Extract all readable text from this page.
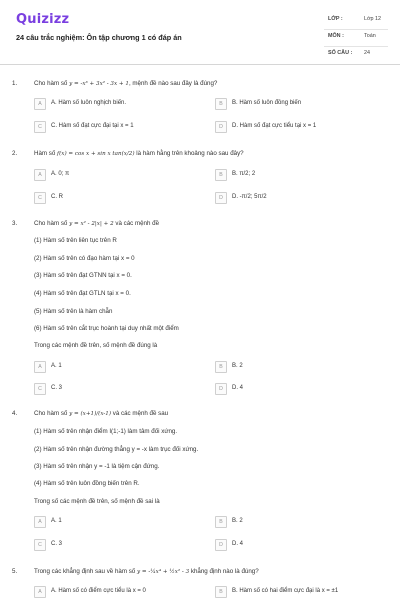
Quizizz
24 câu trắc nghiệm: Ôn tập chương 1 có đáp án
LỚP :	Lớp 12
MÔN :	Toán
SỐ CÂU : 24
1.	Cho hàm số y = -x³ + 3x² - 3x + 1, mệnh đề nào sau đây là đúng?
A	A. Hàm số luôn nghịch biến.	B	B. Hàm số luôn đồng biến
C	C. Hàm số đạt cực đại tại x = 1	D	D. Hàm số đạt cực tiểu tại x = 1
2.	Hàm số f(x) = cos x + sin x tan(x/2) là hàm hằng trên khoảng nào sau đây?
A	A. 0; π	B	B. π/2; 2
C	C. R	D	D. -π/2; 5π/2
3.	Cho hàm số y = x² - 2|x| + 2 và các mệnh đề
(1) Hàm số trên liên tục trên R
(2) Hàm số trên có đạo hàm tại x = 0
(3) Hàm số trên đạt GTNN tại x = 0.
(4) Hàm số trên đạt GTLN tại x = 0.
(5) Hàm số trên là hàm chẵn
(6) Hàm số trên cắt trục hoành tại duy nhất một điểm
Trong các mệnh đề trên, số mệnh đề đúng là
A	A. 1	B	B. 2
C	C. 3	D	D. 4
4.	Cho hàm số y = (x+1)/(x-1) và các mệnh đề sau
(1) Hàm số trên nhận điểm I(1;-1) làm tâm đối xứng.
(2) Hàm số trên nhận đường thẳng y = -x làm trục đối xứng.
(3) Hàm số trên nhận y = -1 là tiệm cận đứng.
(4) Hàm số trên luôn đồng biến trên R.
Trong số các mệnh đề trên, số mệnh đề sai là
A	A. 1	B	B. 2
C	C. 3	D	D. 4
5.	Trong các khẳng định sau về hàm số y = -¼x⁴ + ½x² - 3 khẳng định nào là đúng?
A	A. Hàm số có điểm cực tiểu là x = 0	B	B. Hàm số có hai điểm cực đại là x = ±1
